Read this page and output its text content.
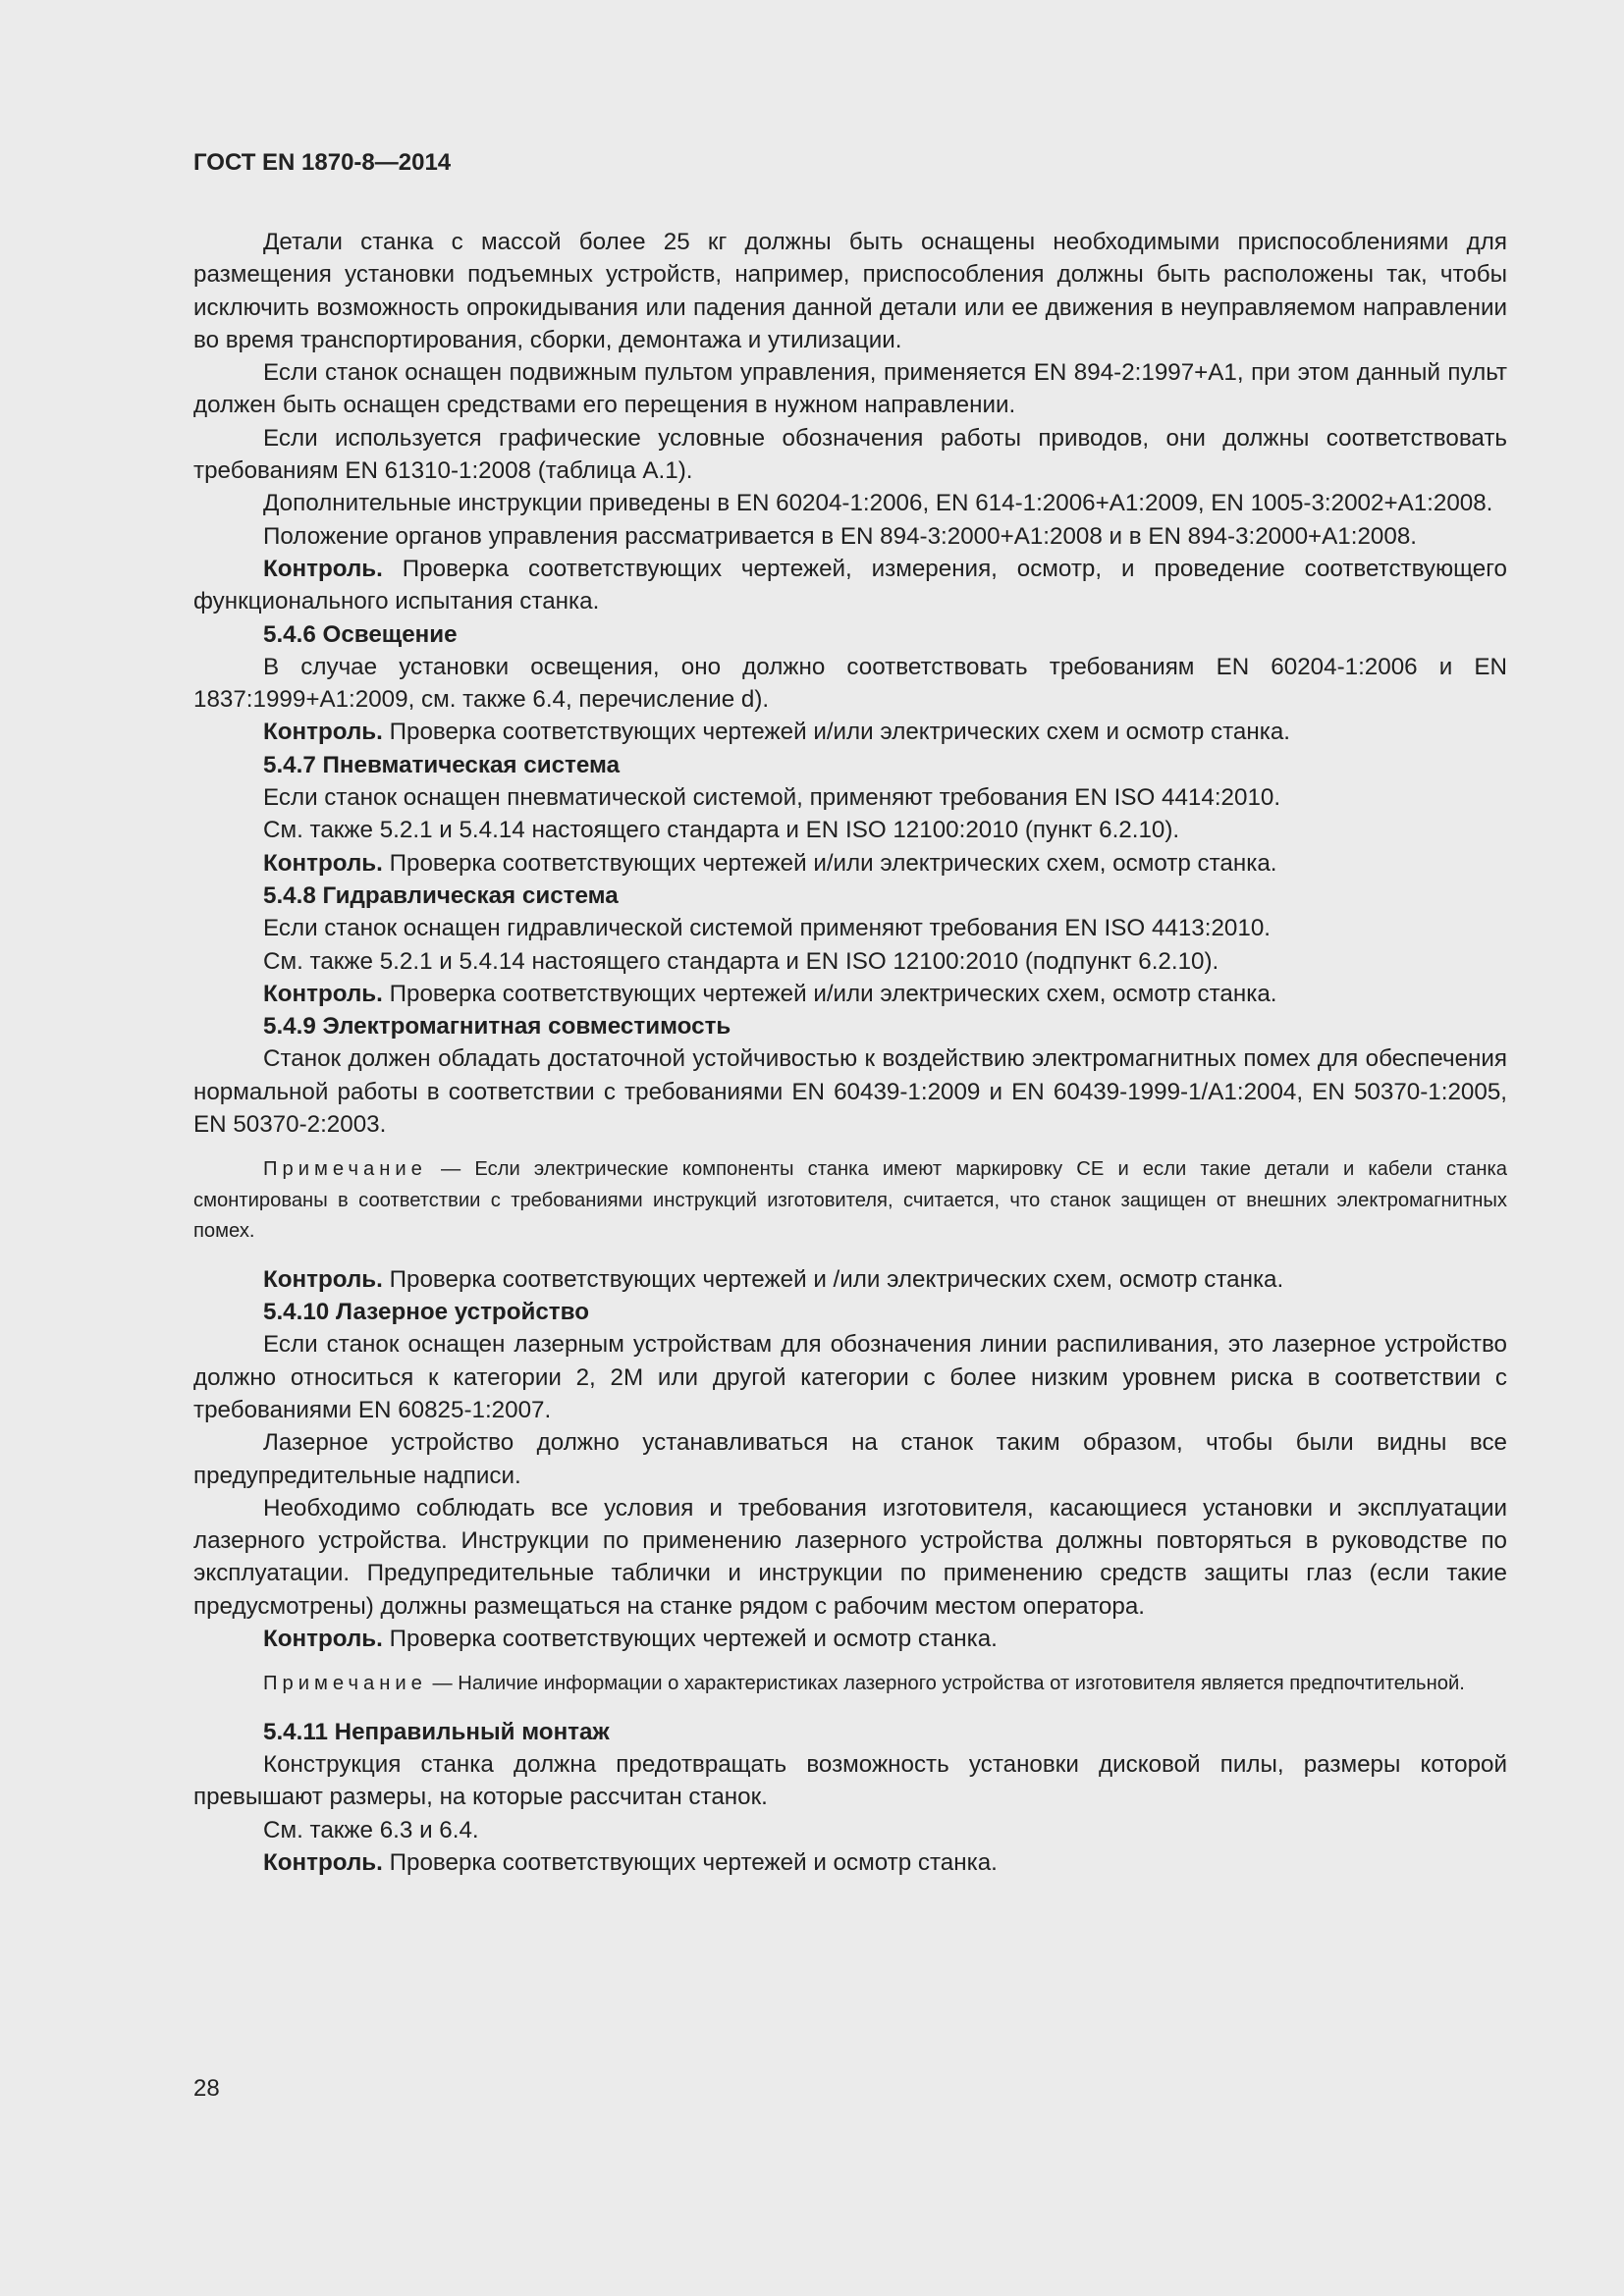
ГОСТ EN 1870-8—2014

Детали станка с массой более 25 кг должны быть оснащены необходимыми приспособлениями для размещения установки подъемных устройств, например, приспособления должны быть расположены так, чтобы исключить возможность опрокидывания или падения данной детали или ее движения в неуправляемом направлении во время транспортирования, сборки, демонтажа и утилизации.

Если станок оснащен подвижным пультом управления, применяется EN 894-2:1997+A1, при этом данный пульт должен быть оснащен средствами его перещения в нужном направлении.

Если используется графические условные обозначения работы приводов, они должны соответствовать требованиям EN 61310-1:2008 (таблица А.1).

Дополнительные инструкции приведены в EN 60204-1:2006, EN 614-1:2006+A1:2009, EN 1005-3:2002+A1:2008.

Положение органов управления рассматривается в EN 894-3:2000+A1:2008 и в EN 894-3:2000+A1:2008.

Контроль. Проверка соответствующих чертежей, измерения, осмотр, и проведение соответствующего функционального испытания станка.

5.4.6 Освещение

В случае установки освещения, оно должно соответствовать требованиям EN 60204-1:2006 и EN 1837:1999+A1:2009, см. также 6.4, перечисление d).

Контроль. Проверка соответствующих чертежей и/или электрических схем и осмотр станка.

5.4.7 Пневматическая система

Если станок оснащен пневматической системой, применяют требования EN ISO 4414:2010.

См. также 5.2.1 и 5.4.14 настоящего стандарта и EN ISO 12100:2010 (пункт 6.2.10).

Контроль. Проверка соответствующих чертежей и/или электрических схем, осмотр станка.

5.4.8 Гидравлическая система

Если станок оснащен гидравлической системой применяют требования EN ISO 4413:2010.

См. также 5.2.1 и 5.4.14 настоящего стандарта и EN ISO 12100:2010 (подпункт 6.2.10).

Контроль. Проверка соответствующих чертежей и/или электрических схем, осмотр станка.

5.4.9 Электромагнитная совместимость

Станок должен обладать достаточной устойчивостью к воздействию электромагнитных помех для обеспечения нормальной работы в соответствии с требованиями EN 60439-1:2009 и EN 60439-1999-1/A1:2004, EN 50370-1:2005, EN 50370-2:2003.

Примечание — Если электрические компоненты станка имеют маркировку СЕ и если такие детали и кабели станка смонтированы в соответствии с требованиями инструкций изготовителя, считается, что станок защищен от внешних электромагнитных помех.

Контроль. Проверка соответствующих чертежей и /или электрических схем, осмотр станка.

5.4.10 Лазерное устройство

Если станок оснащен лазерным устройствам для обозначения линии распиливания, это лазерное устройство должно относиться к категории 2, 2М или другой категории с более низким уровнем риска в соответствии с требованиями EN 60825-1:2007.

Лазерное устройство должно устанавливаться на станок таким образом, чтобы были видны все предупредительные надписи.

Необходимо соблюдать все условия и требования изготовителя, касающиеся установки и эксплуатации лазерного устройства. Инструкции по применению лазерного устройства должны повторяться в руководстве по эксплуатации. Предупредительные таблички и инструкции по применению средств защиты глаз (если такие предусмотрены) должны размещаться на станке рядом с рабочим местом оператора.

Контроль. Проверка соответствующих чертежей и осмотр станка.

Примечание — Наличие информации о характеристиках лазерного устройства от изготовителя является предпочтительной.

5.4.11 Неправильный монтаж

Конструкция станка должна предотвращать возможность установки дисковой пилы, размеры которой превышают размеры, на которые рассчитан станок.

См. также 6.3 и 6.4.

Контроль. Проверка соответствующих чертежей и осмотр станка.

28
